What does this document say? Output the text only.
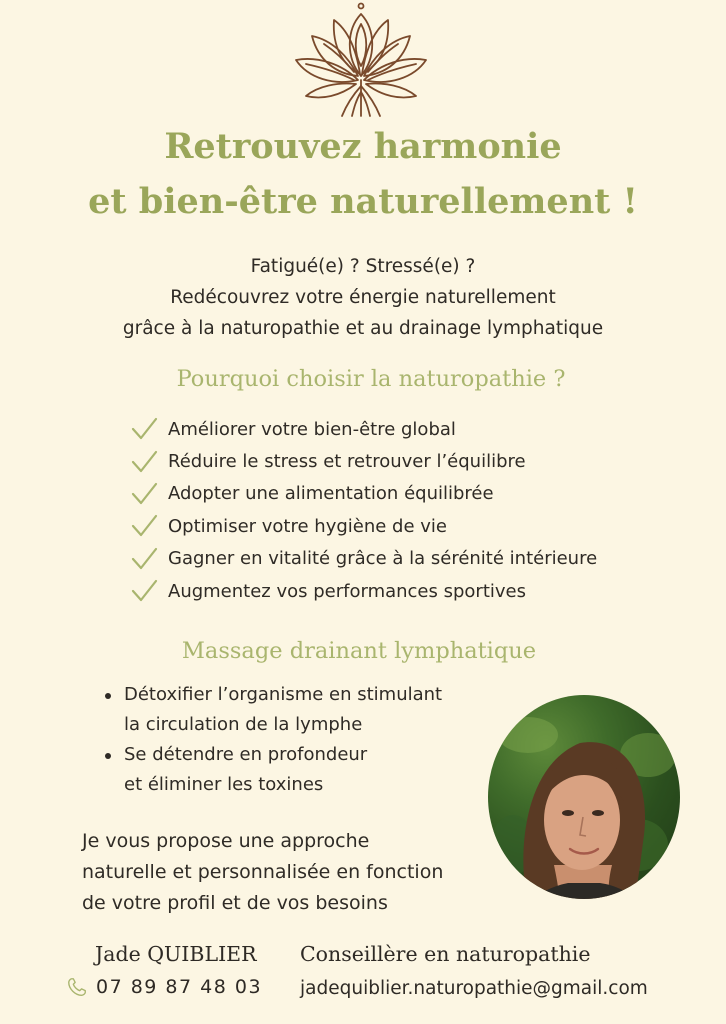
Retrouvez harmonie
et bien-être naturellement !
Fatigué(e) ? Stressé(e) ?
Redécouvrez votre énergie naturellement
grâce à la naturopathie et au drainage lymphatique
Pourquoi choisir la naturopathie ?
Améliorer votre bien-être global
Réduire le stress et retrouver l’équilibre
Adopter une alimentation équilibrée
Optimiser votre hygiène de vie
Gagner en vitalité grâce à la sérénité intérieure
Augmentez vos performances sportives
Massage drainant lymphatique
Détoxifier l’organisme en stimulant
la circulation de la lymphe
Se détendre en profondeur
et éliminer les toxines
Je vous propose une approche
naturelle et personnalisée en fonction
de votre profil et de vos besoins
Jade QUIBLIER Conseillère en naturopathie
07 89 87 48 03 jadequiblier.naturopathie@gmail.com
